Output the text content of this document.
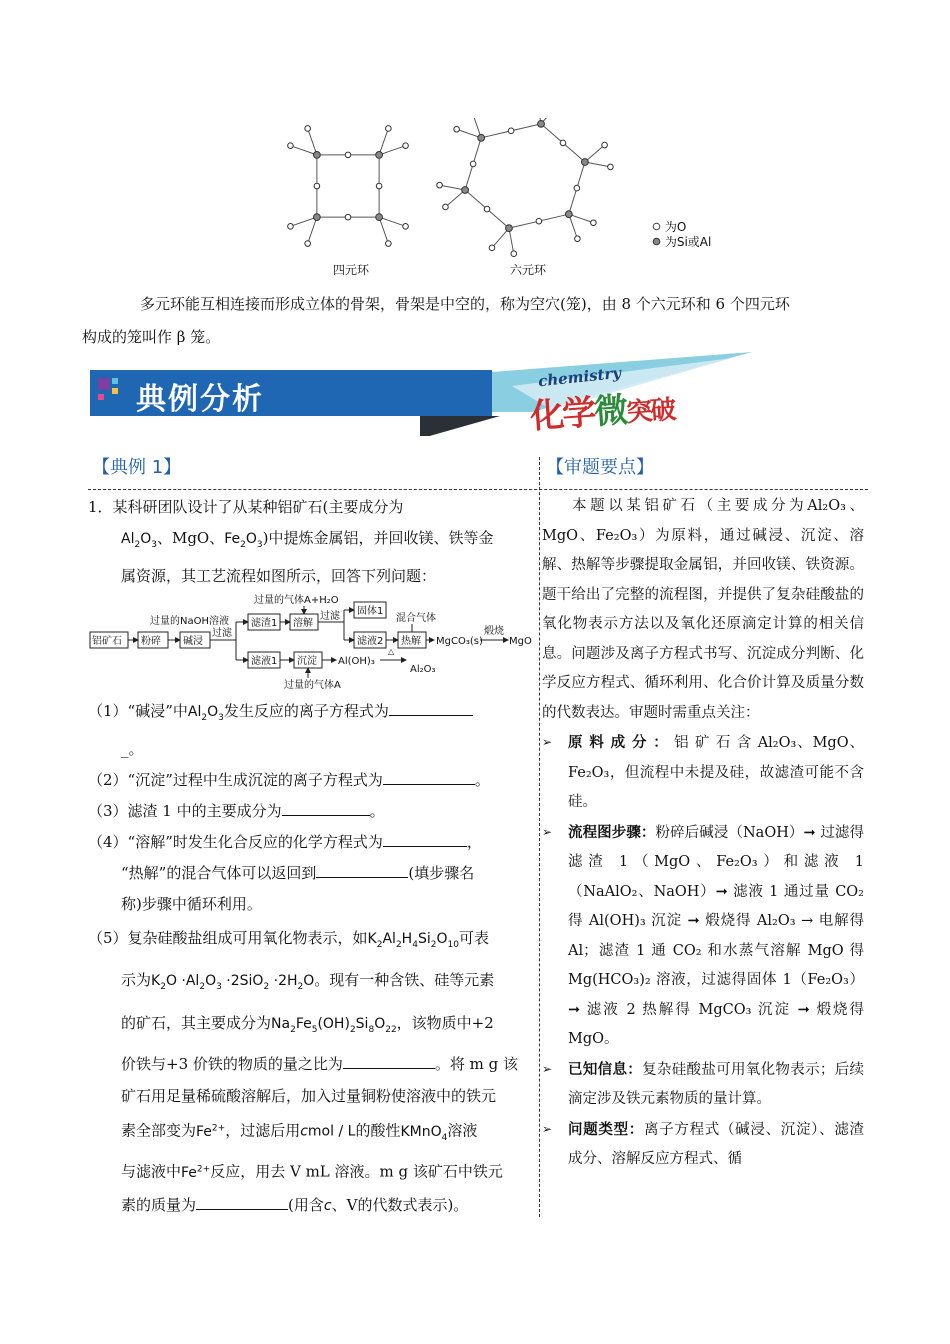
四元环	六元环
为O
为Si或Al

多元环能互相连接而形成立体的骨架，骨架是中空的，称为空穴(笼)，由 8 个六元环和 6 个四元环

构成的笼叫作 β 笼。

典例分析
chemistry
化学微突破
【典例 1】	【审题要点】

1．某科研团队设计了从某种铝矿石(主要成分为

$Al_2O_3$、MgO、$Fe_2O_3$)中提炼金属铝，并回收镁、铁等金

属资源，其工艺流程如图所示，回答下列问题：

铝矿石 粉碎 碱浸
过量的NaOH溶液
过滤
滤渣1 溶解
过量的气体A+H₂O
过滤 固体1
滤液2
混合气体
热解 MgCO₃(s)
煅烧
MgO
△
滤液1 沉淀 Al(OH)₃
Al₂O₃
过量的气体A

（1）“碱浸”中$Al_2O_3$发生反应的离子方程式为

_。

（2）“沉淀”过程中生成沉淀的离子方程式为	。

（3）滤渣 1 中的主要成分为	。

（4）“溶解”时发生化合反应的化学方程式为	，

“热解”的混合气体可以返回到	(填步骤名

称)步骤中循环利用。

（5）复杂硅酸盐组成可用氧化物表示，如$K_2Al_2H_4Si_2O_{10}$可表

示为$K_2O \cdot Al_2O_3 \cdot 2SiO_2 \cdot 2H_2O$。现有一种含铁、硅等元素

的矿石，其主要成分为$Na_2Fe_5(OH)_2Si_8O_{22}$，该物质中+2

价铁与+3 价铁的物质的量之比为	。将 m g 该

矿石用足量稀硫酸溶解后，加入过量铜粉使溶液中的铁元

素全部变为$Fe^{2+}$，过滤后用cmol / L的酸性KMnO$_4$溶液

与滤液中$Fe^{2+}$反应，用去 V mL 溶液。m g 该矿石中铁元

素的质量为	(用含c、V的代数式表示)。

本题以某铝矿石（主要成分为Al₂O₃、MgO、Fe₂O₃）为原料，通过碱浸、沉淀、溶解、热解等步骤提取金属铝，并回收镁、铁资源。题干给出了完整的流程图，并提供了复杂硅酸盐的氧化物表示方法以及氧化还原滴定计算的相关信息。问题涉及离子方程式书写、沉淀成分判断、化学反应方程式、循环利用、化合价计算及质量分数的代数表达。审题时需重点关注：

➢ 原 料 成 分 ： 铝 矿 石 含 Al₂O₃、MgO、Fe₂O₃，但流程中未提及硅，故滤渣可能不含硅。

➢ 流程图步骤：粉碎后碱浸（NaOH）➞ 过滤得滤渣 1（MgO、Fe₂O₃）和滤液 1（NaAlO₂、NaOH）➞ 滤液 1 通过量 CO₂ 得 Al(OH)₃ 沉淀 ➞ 煅烧得 Al₂O₃ → 电解得 Al；滤渣 1 通 CO₂ 和水蒸气溶解 MgO 得 Mg(HCO₃)₂ 溶液，过滤得固体 1（Fe₂O₃）➞ 滤液 2 热解得 MgCO₃ 沉淀 ➞ 煅烧得 MgO。

➢ 已知信息：复杂硅酸盐可用氧化物表示；后续滴定涉及铁元素物质的量计算。

➢ 问题类型：离子方程式（碱浸、沉淀）、滤渣成分、溶解反应方程式、循
